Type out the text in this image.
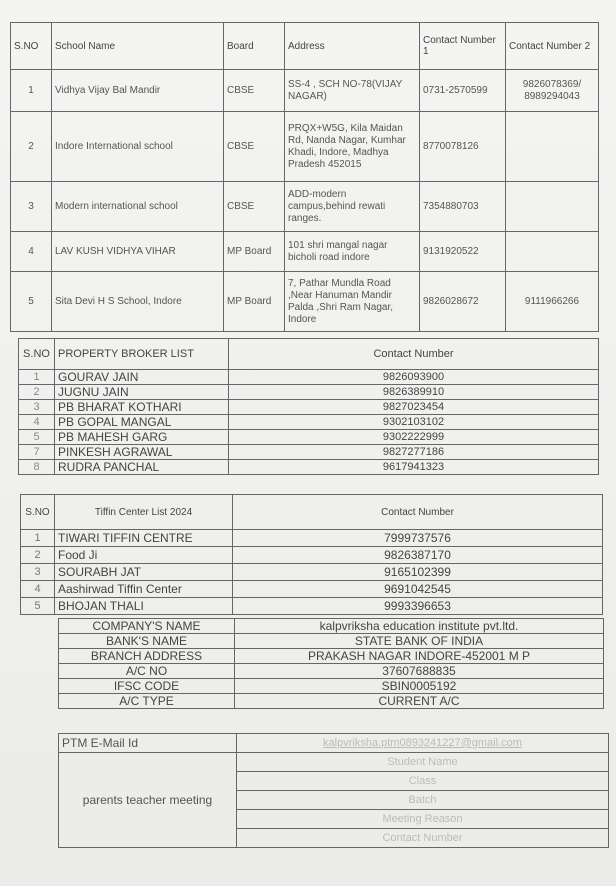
S.NO	School Name	Board	Address	Contact Number 1	Contact Number 2
1	Vidhya Vijay Bal Mandir	CBSE	SS-4 , SCH NO-78(VIJAY NAGAR)	0731-2570599	9826078369/ 8989294043
2	Indore International school	CBSE	PRQX+W5G, Kila Maidan Rd, Nanda Nagar, Kumhar Khadi, Indore, Madhya Pradesh 452015	8770078126	
3	Modern international school	CBSE	ADD-modern campus,behind rewati ranges.	7354880703	
4	LAV KUSH VIDHYA VIHAR	MP Board	101 shri mangal nagar bicholi road indore	9131920522	
5	Sita Devi H S School, Indore	MP Board	7, Pathar Mundla Road ,Near Hanuman Mandir Palda ,Shri Ram Nagar, Indore	9826028672	9111966266
S.NO	PROPERTY BROKER LIST	Contact Number
1	GOURAV JAIN	9826093900
2	JUGNU JAIN	9826389910
3	PB BHARAT KOTHARI	9827023454
4	PB GOPAL MANGAL	9302103102
5	PB MAHESH GARG	9302222999
7	PINKESH AGRAWAL	9827277186
8	RUDRA PANCHAL	9617941323
S.NO	Tiffin Center List 2024	Contact Number
1	TIWARI TIFFIN CENTRE	7999737576
2	Food Ji	9826387170
3	SOURABH JAT	9165102399
4	Aashirwad Tiffin Center	9691042545
5	BHOJAN THALI	9993396653
COMPANY'S NAME	kalpvriksha education institute pvt.ltd.
BANK'S NAME	STATE BANK OF INDIA
BRANCH ADDRESS	PRAKASH NAGAR INDORE-452001 M P
A/C NO	37607688835
IFSC CODE	SBIN0005192
A/C TYPE	CURRENT A/C
PTM E-Mail Id	kalpvriksha.ptm0893241227@gmail.com
parents teacher meeting	Student Name
	Class
	Batch
	Meeting Reason
	Contact Number
